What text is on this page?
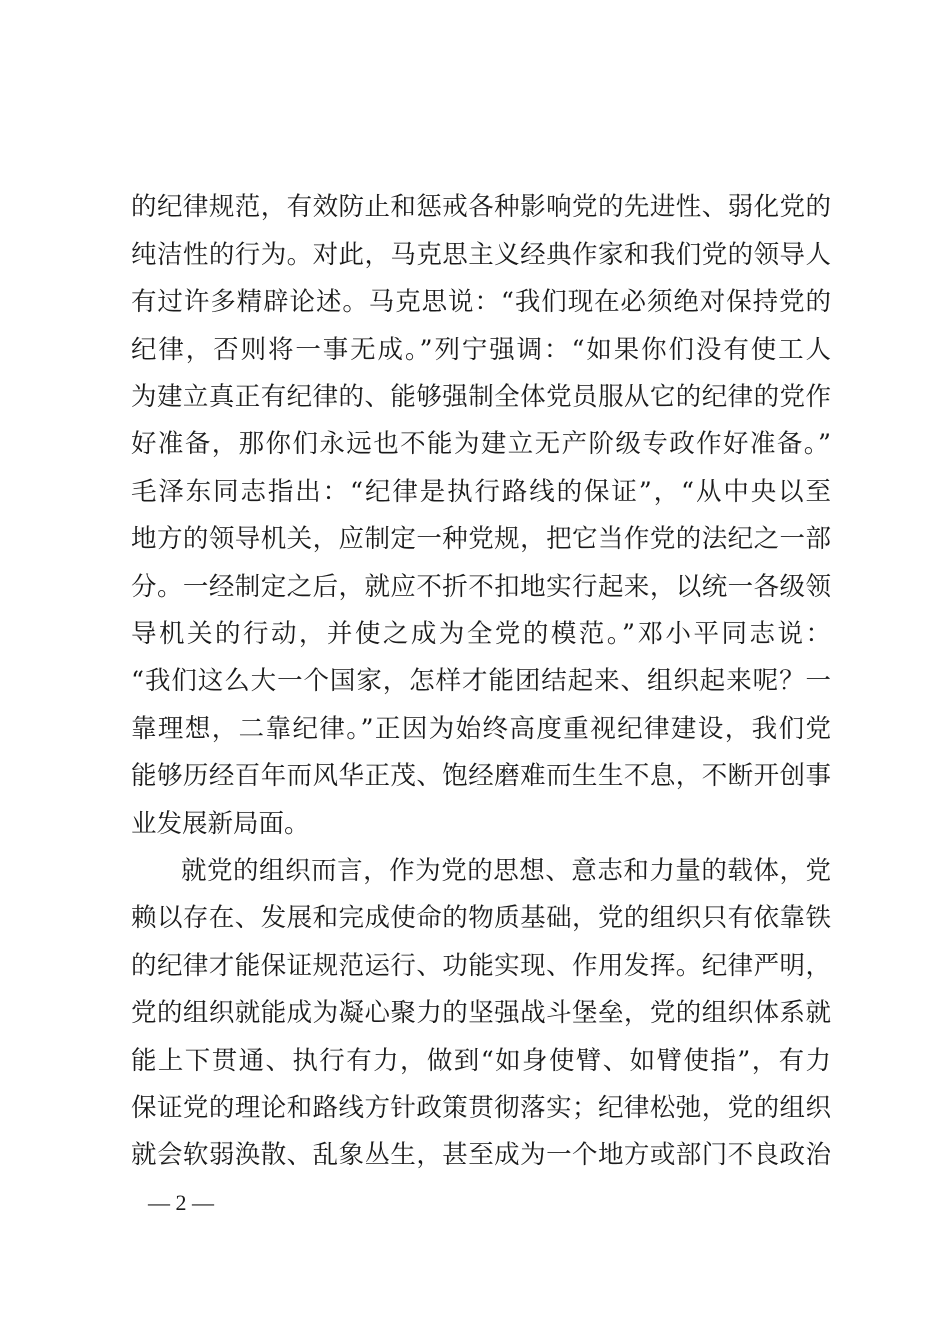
的纪律规范，有效防止和惩戒各种影响党的先进性、弱化党的
纯洁性的行为。对此，马克思主义经典作家和我们党的领导人
有过许多精辟论述。马克思说：“我们现在必须绝对保持党的
纪律，否则将一事无成。”列宁强调：“如果你们没有使工人
为建立真正有纪律的、能够强制全体党员服从它的纪律的党作
好准备，那你们永远也不能为建立无产阶级专政作好准备。”
毛泽东同志指出：“纪律是执行路线的保证”，“从中央以至
地方的领导机关，应制定一种党规，把它当作党的法纪之一部
分。一经制定之后，就应不折不扣地实行起来，以统一各级领
导机关的行动，并使之成为全党的模范。”邓小平同志说：
“我们这么大一个国家，怎样才能团结起来、组织起来呢？一
靠理想，二靠纪律。”正因为始终高度重视纪律建设，我们党
能够历经百年而风华正茂、饱经磨难而生生不息，不断开创事
业发展新局面。
就党的组织而言，作为党的思想、意志和力量的载体，党
赖以存在、发展和完成使命的物质基础，党的组织只有依靠铁
的纪律才能保证规范运行、功能实现、作用发挥。纪律严明，
党的组织就能成为凝心聚力的坚强战斗堡垒，党的组织体系就
能上下贯通、执行有力，做到“如身使臂、如臂使指”，有力
保证党的理论和路线方针政策贯彻落实；纪律松弛，党的组织
就会软弱涣散、乱象丛生，甚至成为一个地方或部门不良政治
— 2 —
